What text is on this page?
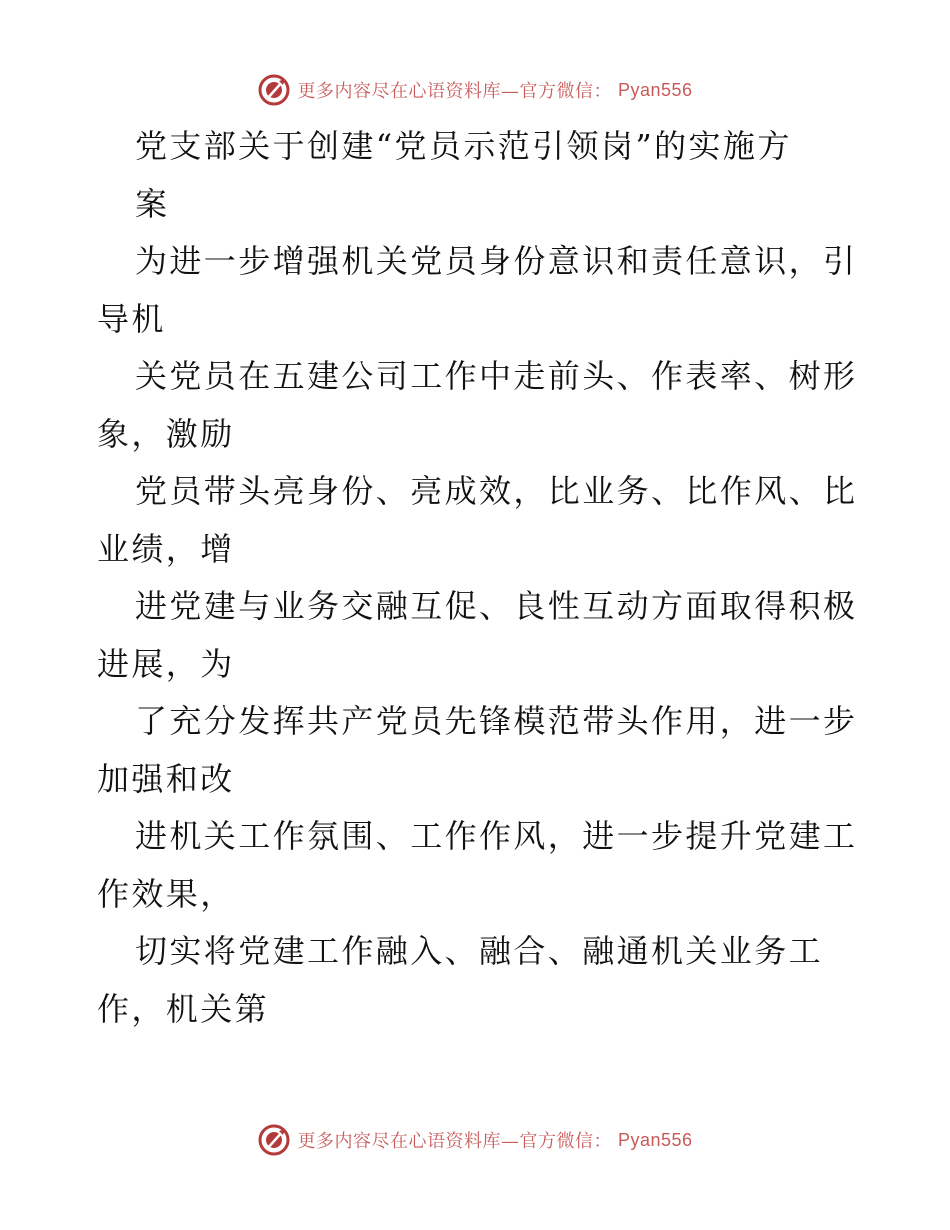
更多内容尽在心语资料库—官方微信： Pyan556
党支部关于创建“党员示范引领岗”的实施方
案
为进一步增强机关党员身份意识和责任意识，引
导机
关党员在五建公司工作中走前头、作表率、树形
象，激励
党员带头亮身份、亮成效，比业务、比作风、比
业绩，增
进党建与业务交融互促、良性互动方面取得积极
进展，为
了充分发挥共产党员先锋模范带头作用，进一步
加强和改
进机关工作氛围、工作作风，进一步提升党建工
作效果，
切实将党建工作融入、融合、融通机关业务工
作，机关第
更多内容尽在心语资料库—官方微信： Pyan556
